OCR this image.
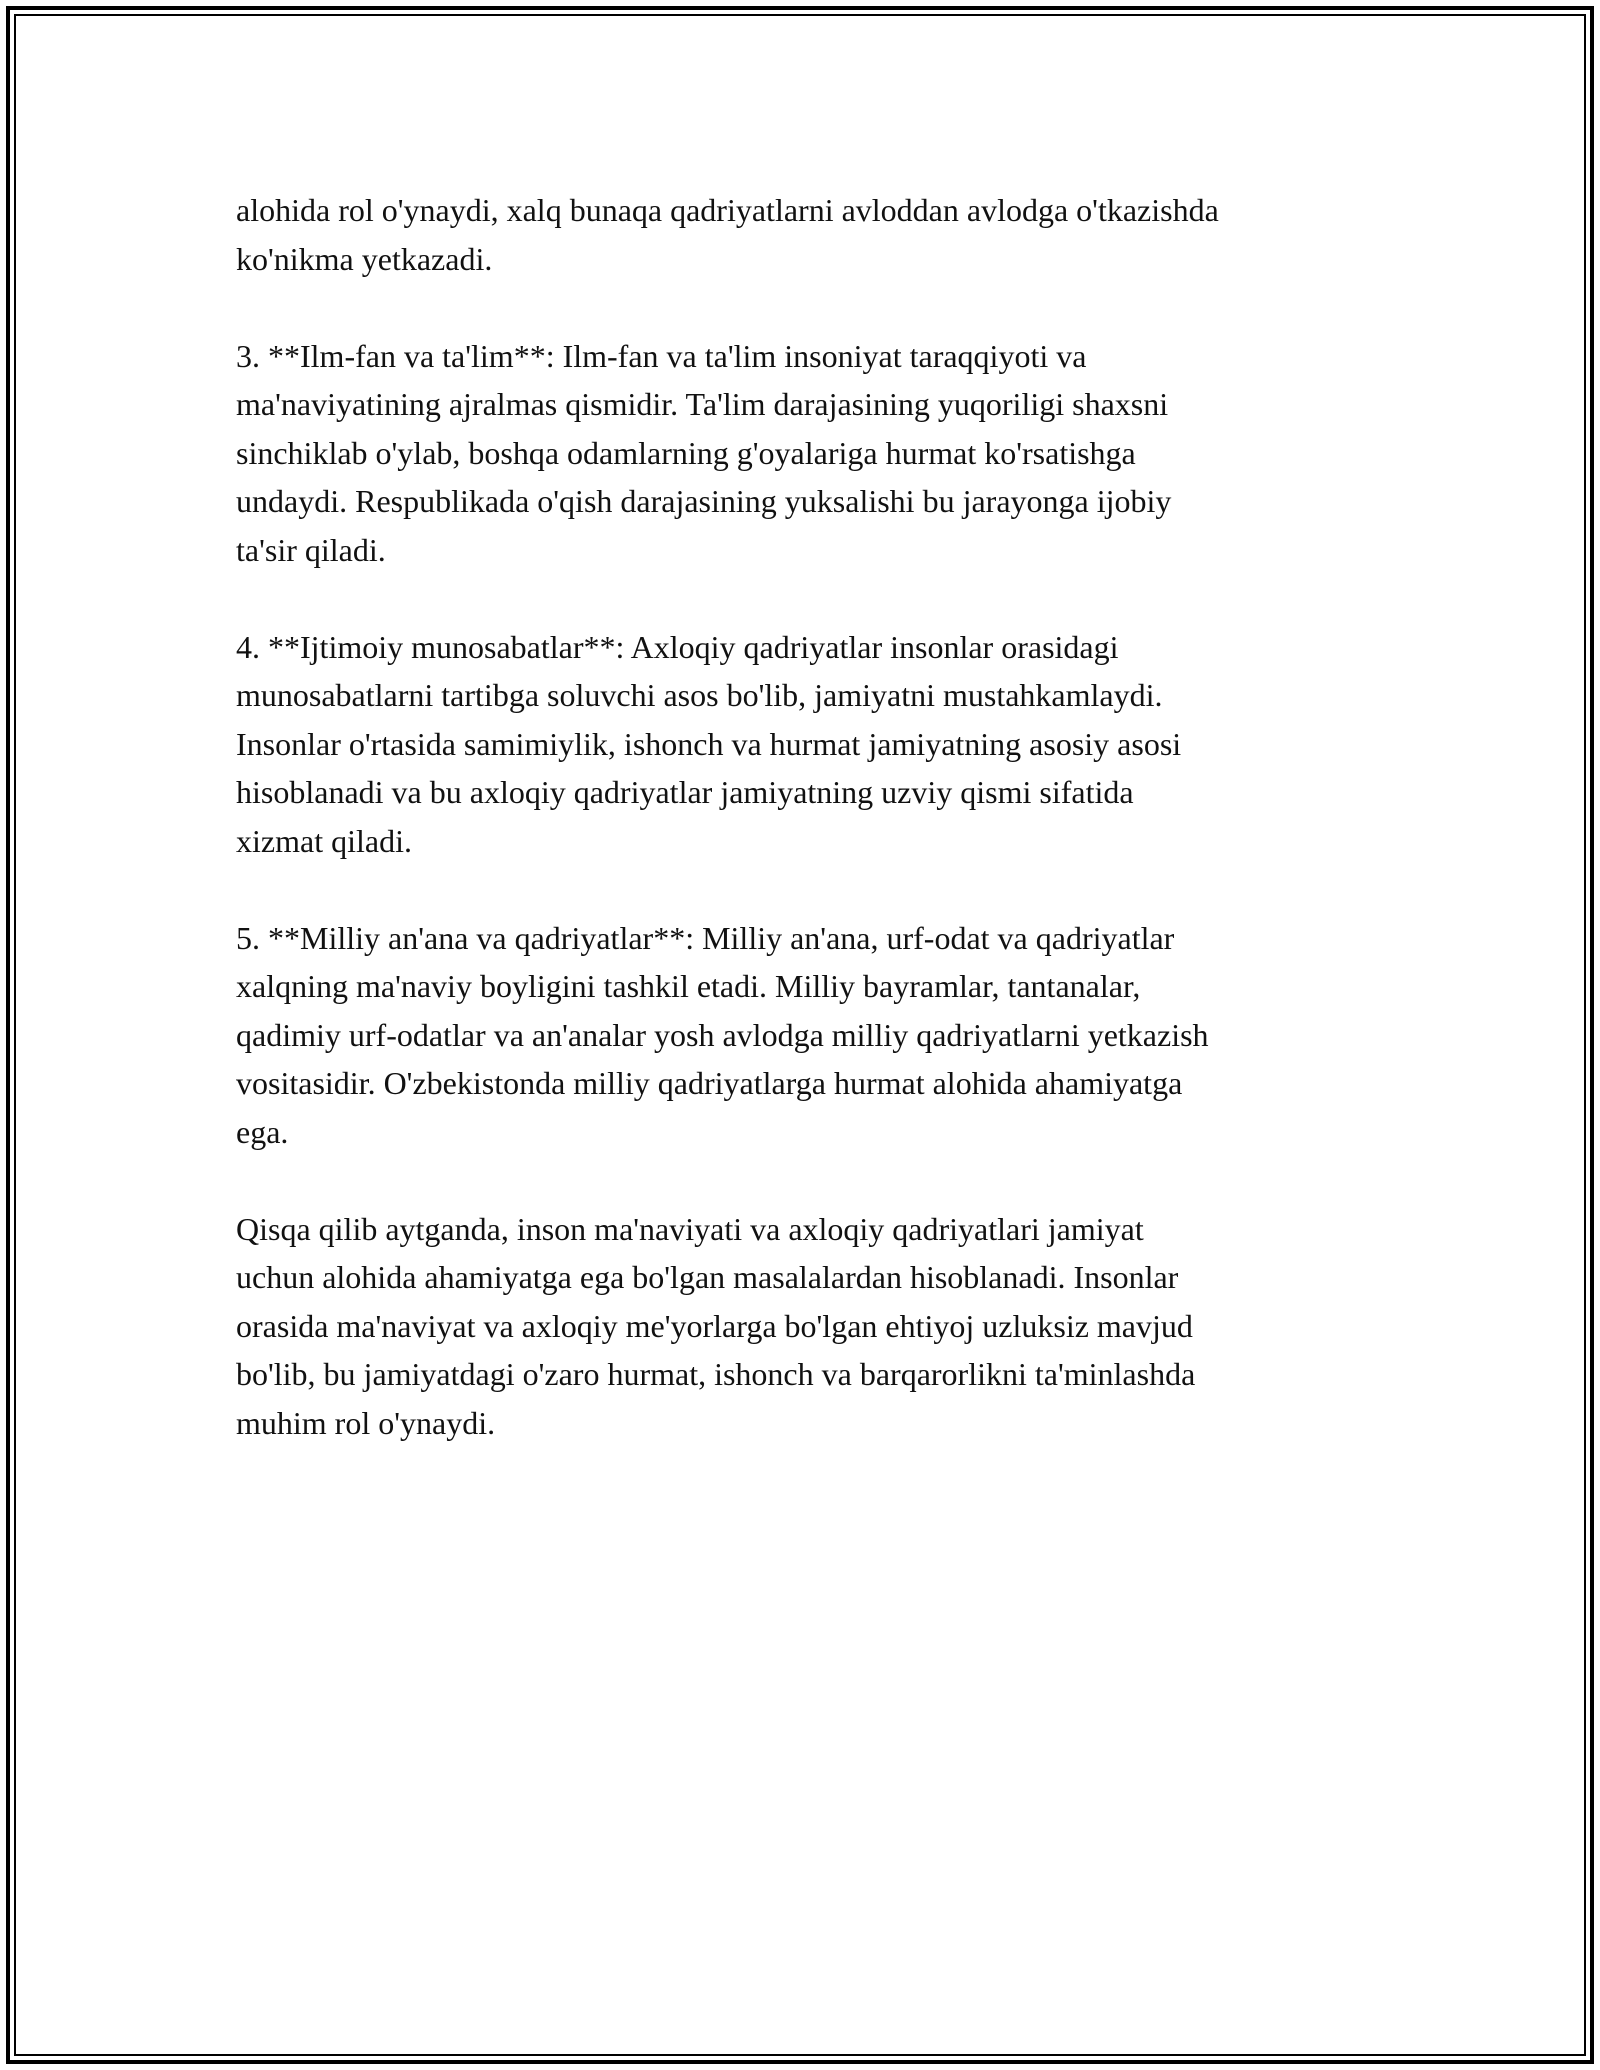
alohida rol o'ynaydi, xalq bunaqa qadriyatlarni avloddan avlodga o'tkazishda
ko'nikma yetkazadi.

3. **Ilm-fan va ta'lim**: Ilm-fan va ta'lim insoniyat taraqqiyoti va
ma'naviyatining ajralmas qismidir. Ta'lim darajasining yuqoriligi shaxsni
sinchiklab o'ylab, boshqa odamlarning g'oyalariga hurmat ko'rsatishga
undaydi. Respublikada o'qish darajasining yuksalishi bu jarayonga ijobiy
ta'sir qiladi.

4. **Ijtimoiy munosabatlar**: Axloqiy qadriyatlar insonlar orasidagi
munosabatlarni tartibga soluvchi asos bo'lib, jamiyatni mustahkamlaydi.
Insonlar o'rtasida samimiylik, ishonch va hurmat jamiyatning asosiy asosi
hisoblanadi va bu axloqiy qadriyatlar jamiyatning uzviy qismi sifatida
xizmat qiladi.

5. **Milliy an'ana va qadriyatlar**: Milliy an'ana, urf-odat va qadriyatlar
xalqning ma'naviy boyligini tashkil etadi. Milliy bayramlar, tantanalar,
qadimiy urf-odatlar va an'analar yosh avlodga milliy qadriyatlarni yetkazish
vositasidir. O'zbekistonda milliy qadriyatlarga hurmat alohida ahamiyatga
ega.

Qisqa qilib aytganda, inson ma'naviyati va axloqiy qadriyatlari jamiyat
uchun alohida ahamiyatga ega bo'lgan masalalardan hisoblanadi. Insonlar
orasida ma'naviyat va axloqiy me'yorlarga bo'lgan ehtiyoj uzluksiz mavjud
bo'lib, bu jamiyatdagi o'zaro hurmat, ishonch va barqarorlikni ta'minlashda
muhim rol o'ynaydi.
